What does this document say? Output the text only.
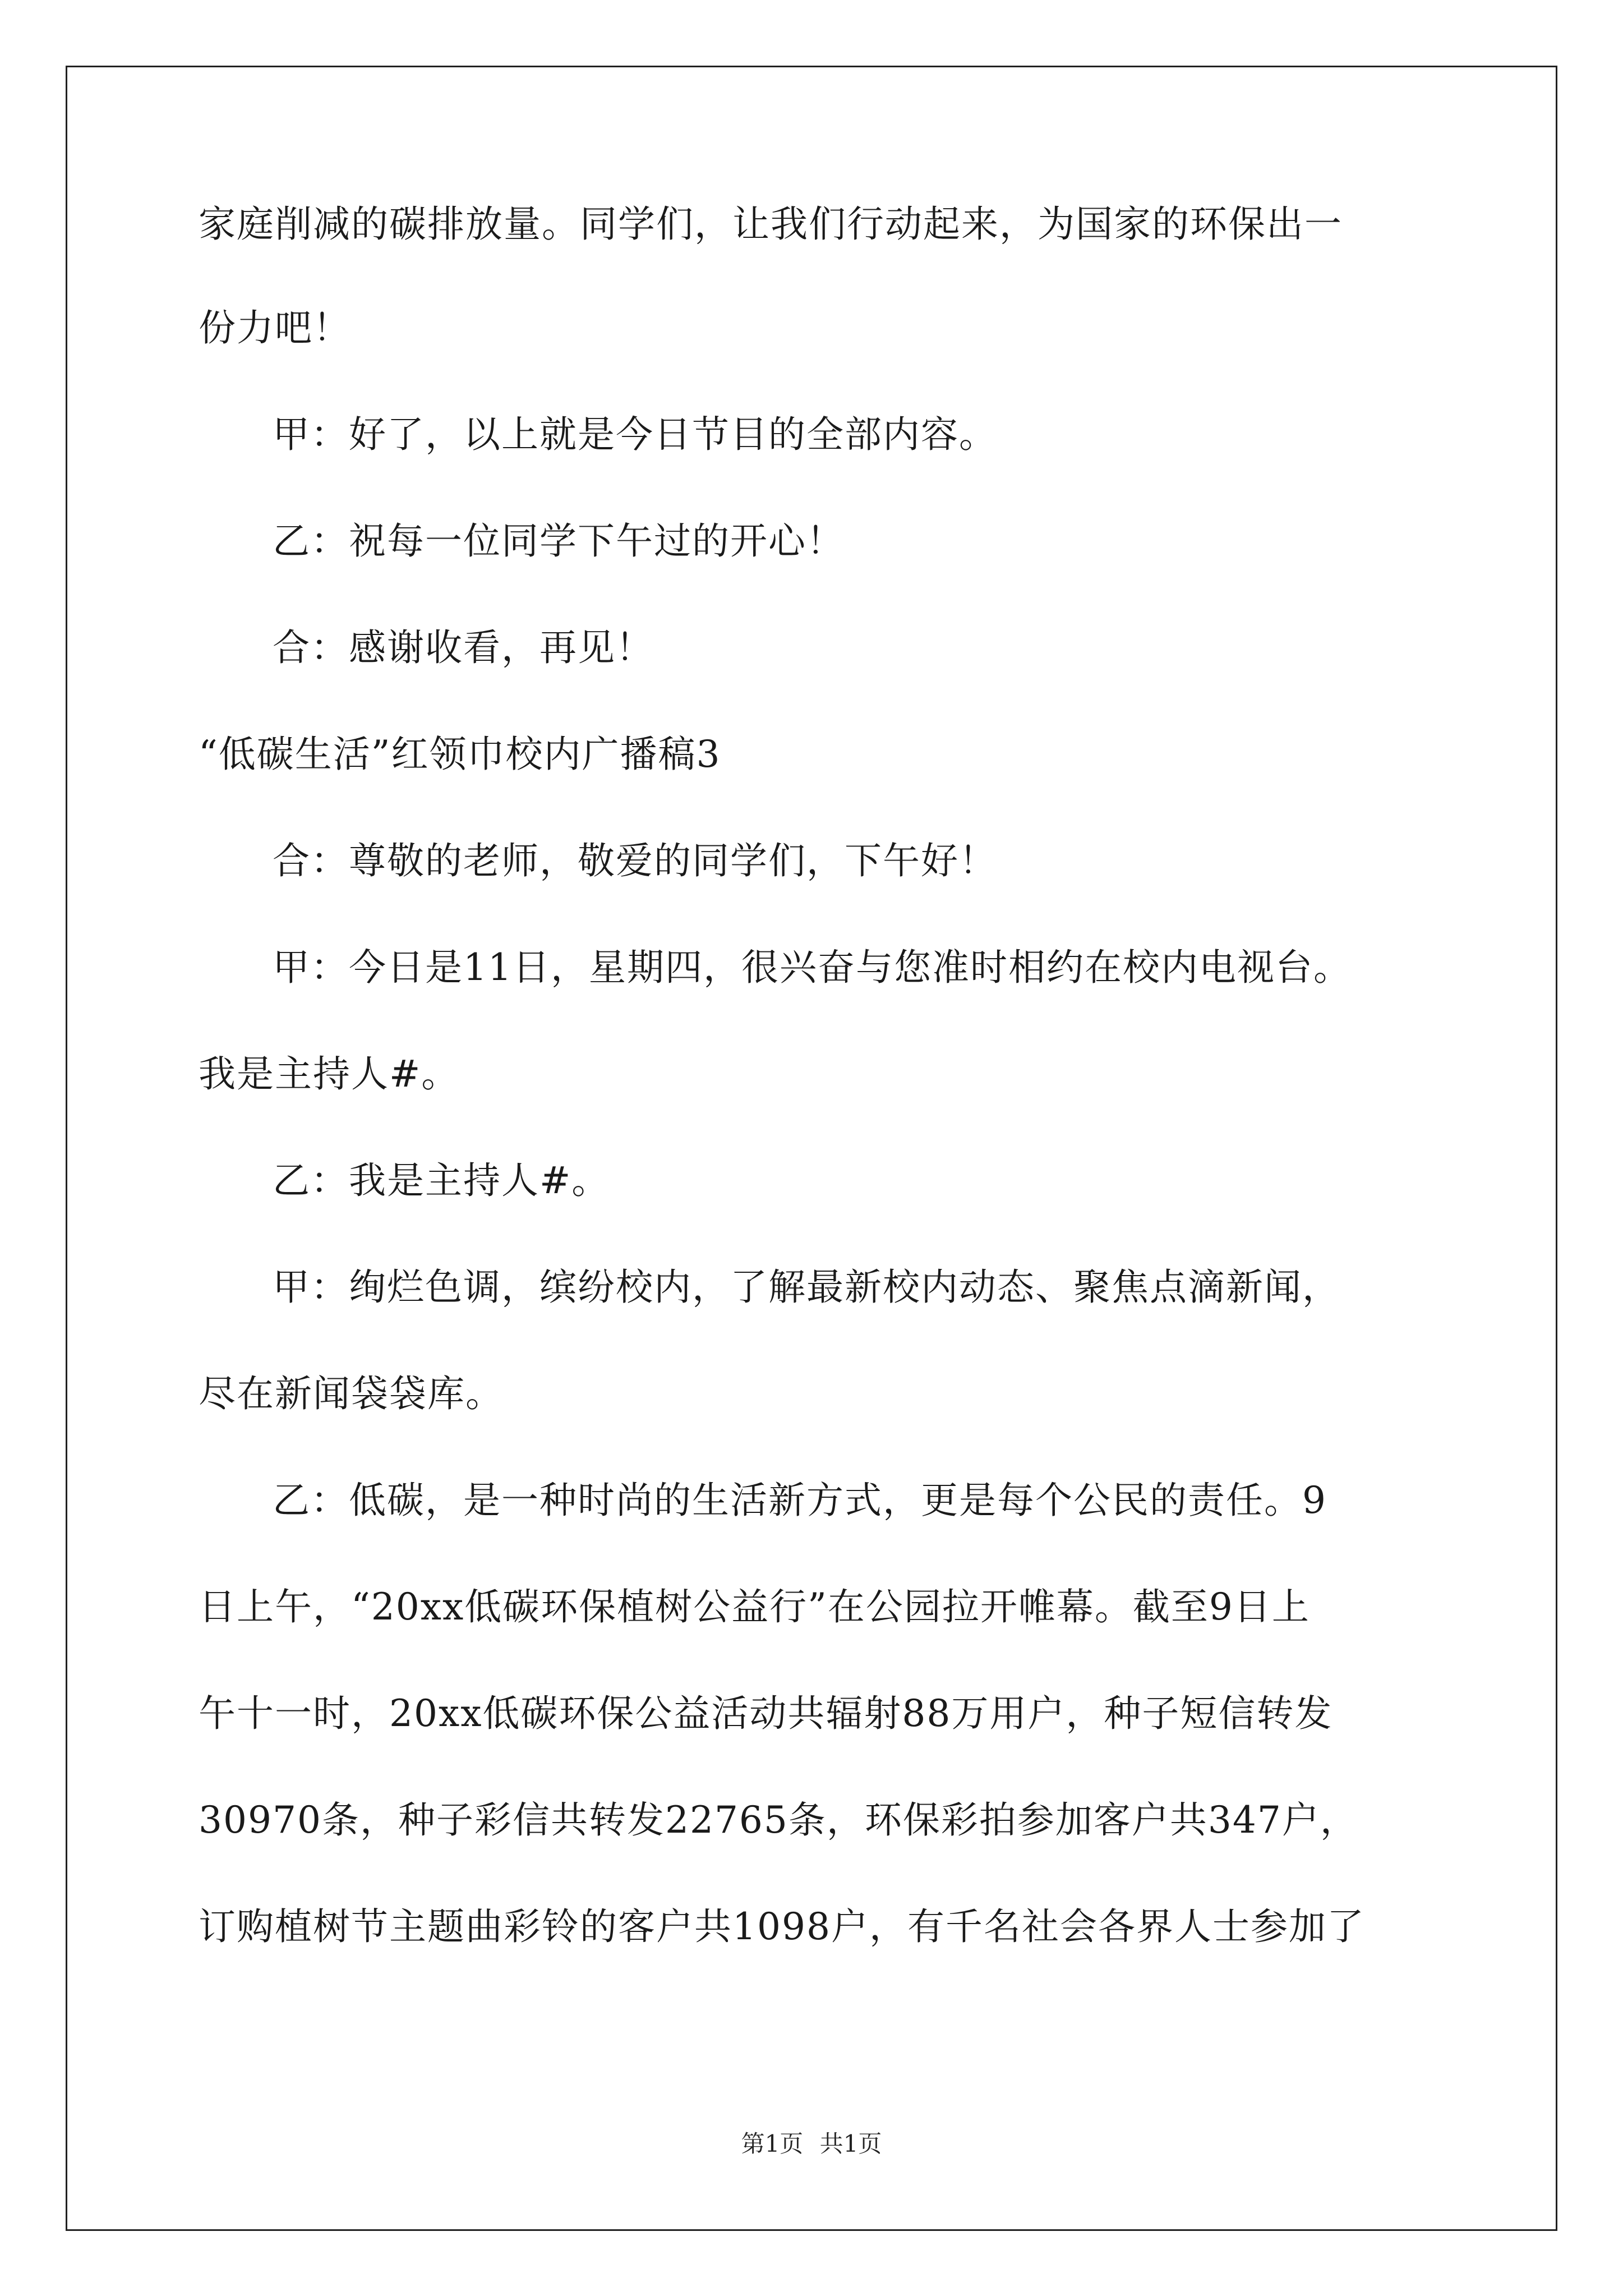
家庭削减的碳排放量。同学们，让我们行动起来，为国家的环保出一
份力吧！
甲：好了，以上就是今日节目的全部内容。
乙：祝每一位同学下午过的开心！
合：感谢收看，再见！
“低碳生活”红领巾校内广播稿3
合：尊敬的老师，敬爱的同学们，下午好！
甲：今日是11日，星期四，很兴奋与您准时相约在校内电视台。
我是主持人#。
乙：我是主持人#。
甲：绚烂色调，缤纷校内，了解最新校内动态、聚焦点滴新闻，
尽在新闻袋袋库。
乙：低碳，是一种时尚的生活新方式，更是每个公民的责任。9
日上午，“20xx低碳环保植树公益行”在公园拉开帷幕。截至9日上
午十一时，20xx低碳环保公益活动共辐射88万用户，种子短信转发
30970条，种子彩信共转发22765条，环保彩拍参加客户共347户，
订购植树节主题曲彩铃的客户共1098户，有千名社会各界人士参加了
第1页 共1页
